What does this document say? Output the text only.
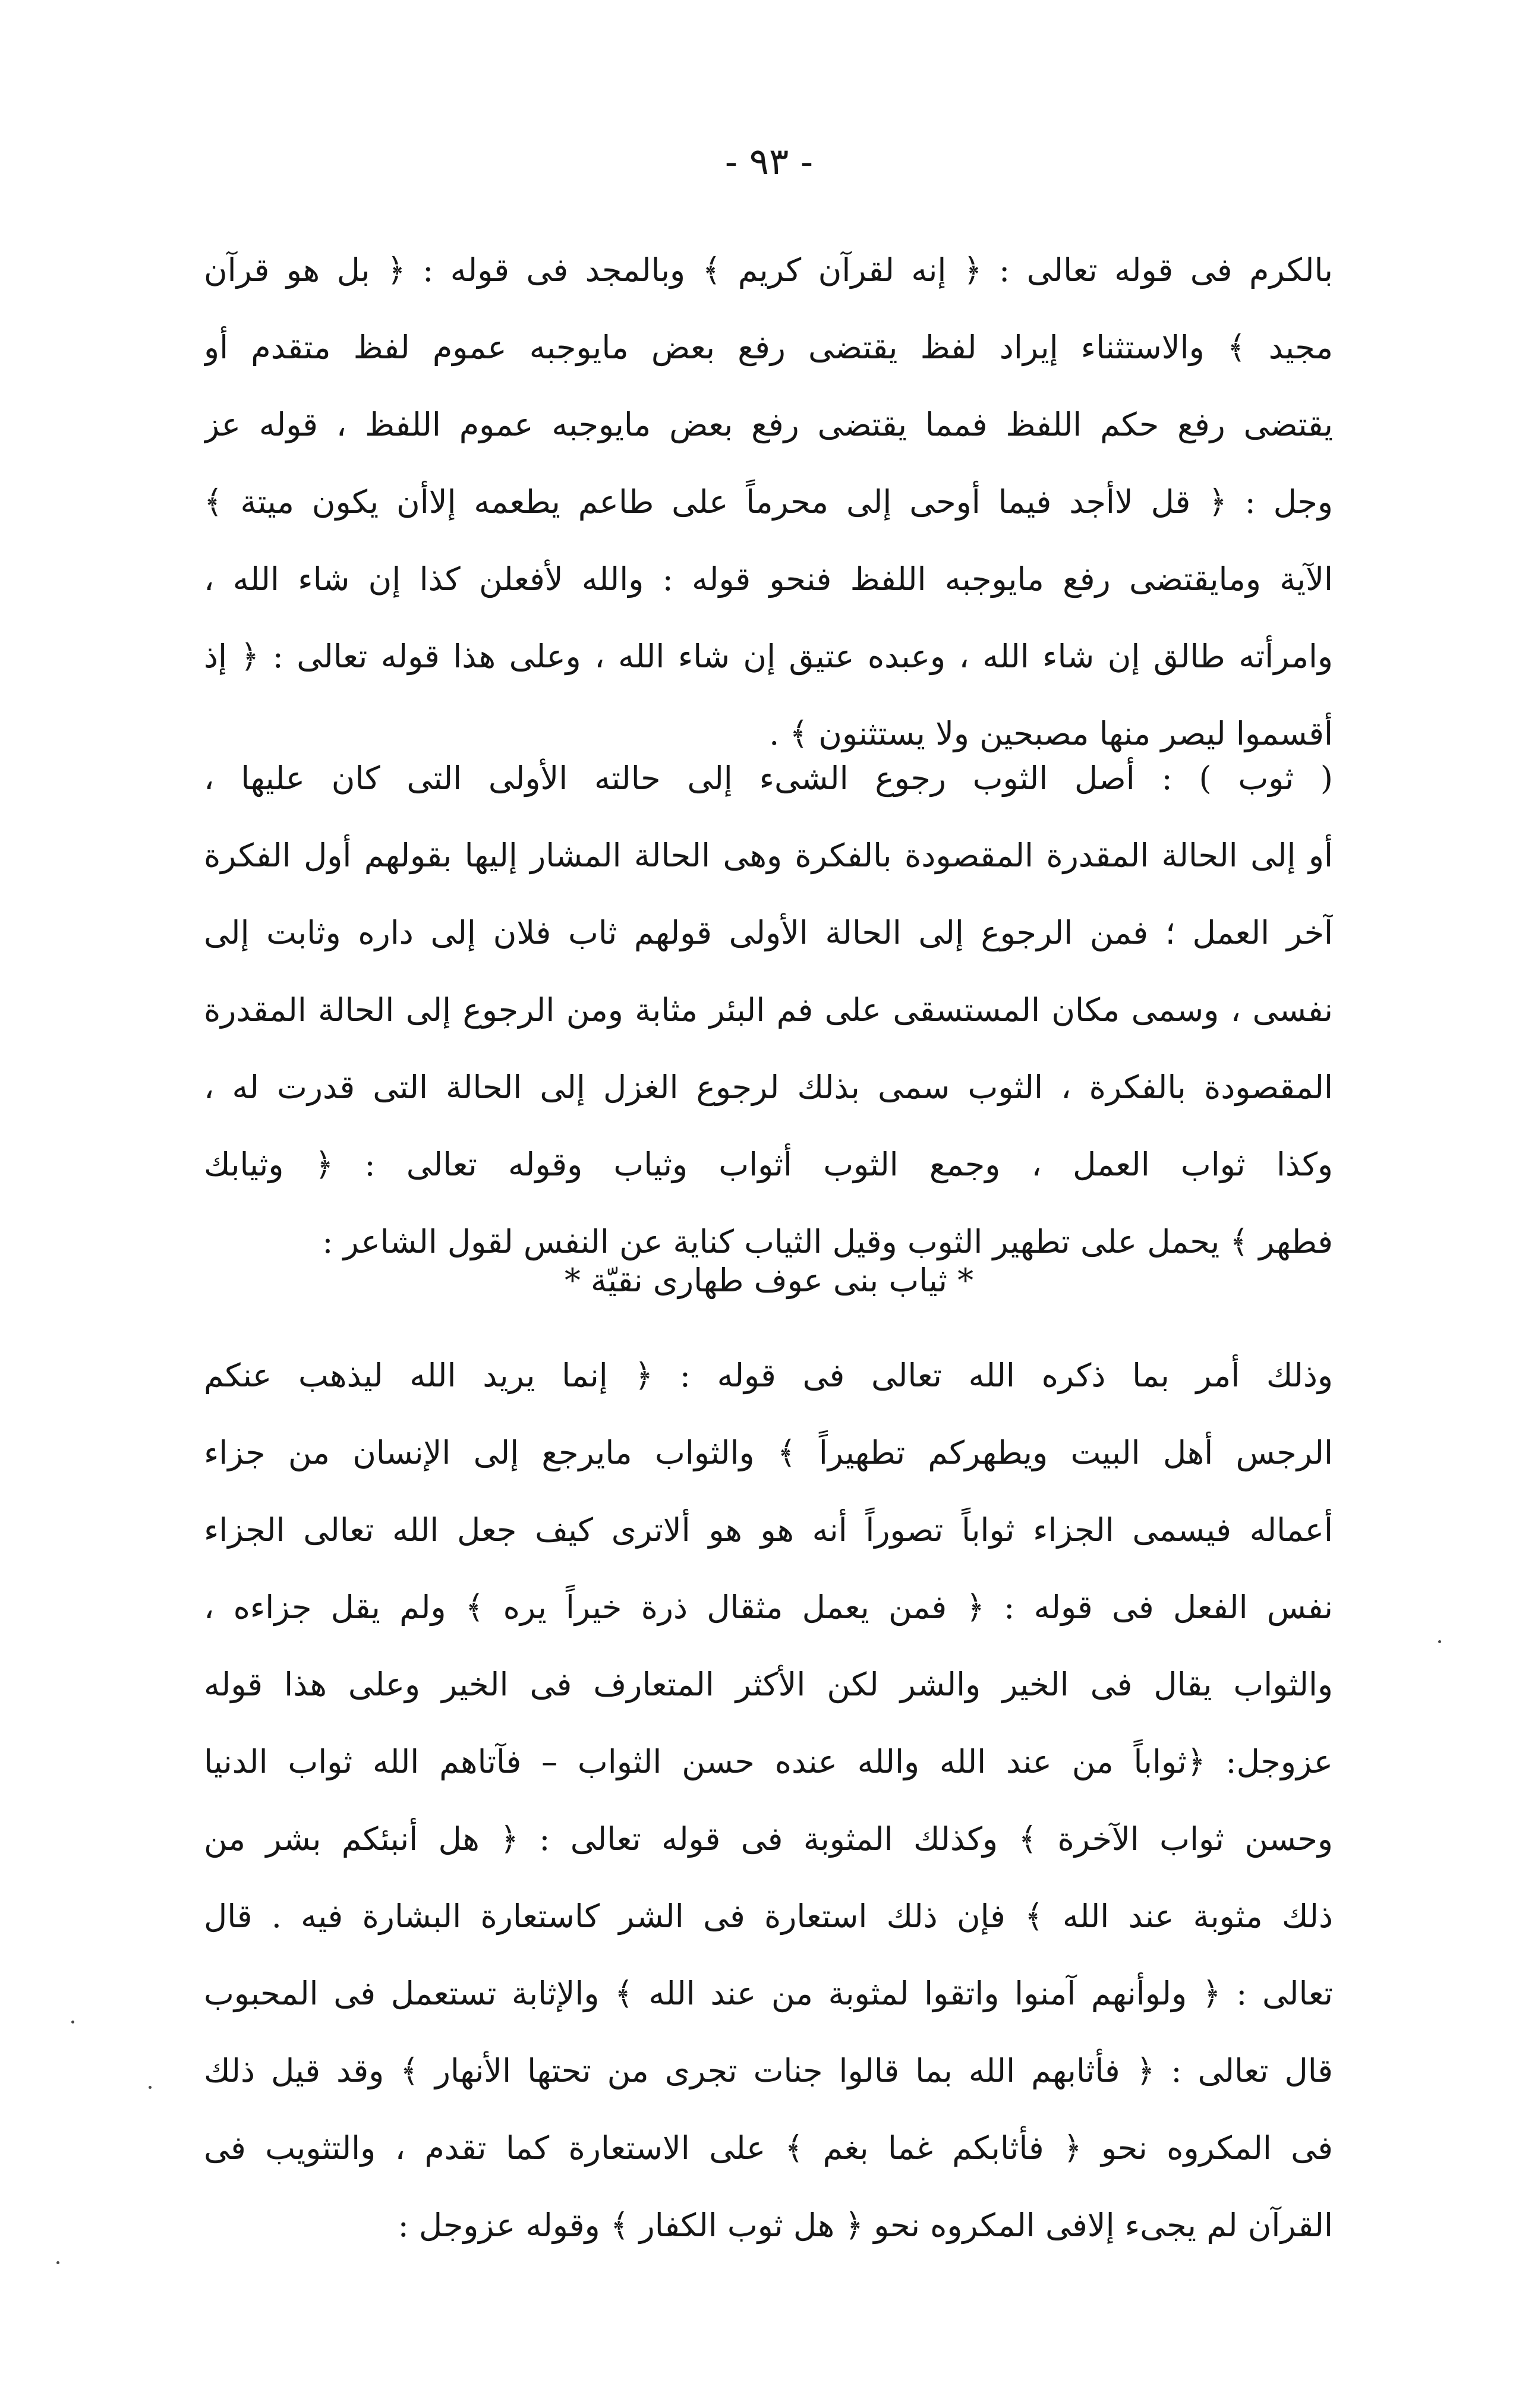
- ٩٣ -
بالكرم فى قوله تعالى : ﴿ إنه لقرآن كريم ﴾ وبالمجد فى قوله : ﴿ بل هو قرآن
مجيد ﴾ والاستثناء إيراد لفظ يقتضى رفع بعض مايوجبه عموم لفظ متقدم أو
يقتضى رفع حكم اللفظ فمما يقتضى رفع بعض مايوجبه عموم اللفظ ، قوله عز
وجل : ﴿ قل لاأجد فيما أوحى إلى محرماً على طاعم يطعمه إلاأن يكون ميتة ﴾
الآية ومايقتضى رفع مايوجبه اللفظ فنحو قوله : والله لأفعلن كذا إن شاء الله ،
وامرأته طالق إن شاء الله ، وعبده عتيق إن شاء الله ، وعلى هذا قوله تعالى : ﴿ إذ
أقسموا ليصر منها مصبحين ولا يستثنون ﴾ .
( ثوب ) : أصل الثوب رجوع الشىء إلى حالته الأولى التى كان عليها ،
أو إلى الحالة المقدرة المقصودة بالفكرة وهى الحالة المشار إليها بقولهم أول الفكرة
آخر العمل ؛ فمن الرجوع إلى الحالة الأولى قولهم ثاب فلان إلى داره وثابت إلى
نفسى ، وسمى مكان المستسقى على فم البئر مثابة ومن الرجوع إلى الحالة المقدرة
المقصودة بالفكرة ، الثوب سمى بذلك لرجوع الغزل إلى الحالة التى قدرت له ،
وكذا ثواب العمل ، وجمع الثوب أثواب وثياب وقوله تعالى : ﴿ وثيابك
فطهر ﴾ يحمل على تطهير الثوب وقيل الثياب كناية عن النفس لقول الشاعر :
* ثياب بنى عوف طهارى نقيّة *
وذلك أمر بما ذكره الله تعالى فى قوله : ﴿ إنما يريد الله ليذهب عنكم
الرجس أهل البيت ويطهركم تطهيراً ﴾ والثواب مايرجع إلى الإنسان من جزاء
أعماله فيسمى الجزاء ثواباً تصوراً أنه هو هو ألاترى كيف جعل الله تعالى الجزاء
نفس الفعل فى قوله : ﴿ فمن يعمل مثقال ذرة خيراً يره ﴾ ولم يقل جزاءه ،
والثواب يقال فى الخير والشر لكن الأكثر المتعارف فى الخير وعلى هذا قوله
عزوجل: ﴿ثواباً من عند الله والله عنده حسن الثواب – فآتاهم الله ثواب الدنيا
وحسن ثواب الآخرة ﴾ وكذلك المثوبة فى قوله تعالى : ﴿ هل أنبئكم بشر من
ذلك مثوبة عند الله ﴾ فإن ذلك استعارة فى الشر كاستعارة البشارة فيه . قال
تعالى : ﴿ ولوأنهم آمنوا واتقوا لمثوبة من عند الله ﴾ والإثابة تستعمل فى المحبوب
قال تعالى : ﴿ فأثابهم الله بما قالوا جنات تجرى من تحتها الأنهار ﴾ وقد قيل ذلك
فى المكروه نحو ﴿ فأثابكم غما بغم ﴾ على الاستعارة كما تقدم ، والتثويب فى
القرآن لم يجىء إلافى المكروه نحو ﴿ هل ثوب الكفار ﴾ وقوله عزوجل :
